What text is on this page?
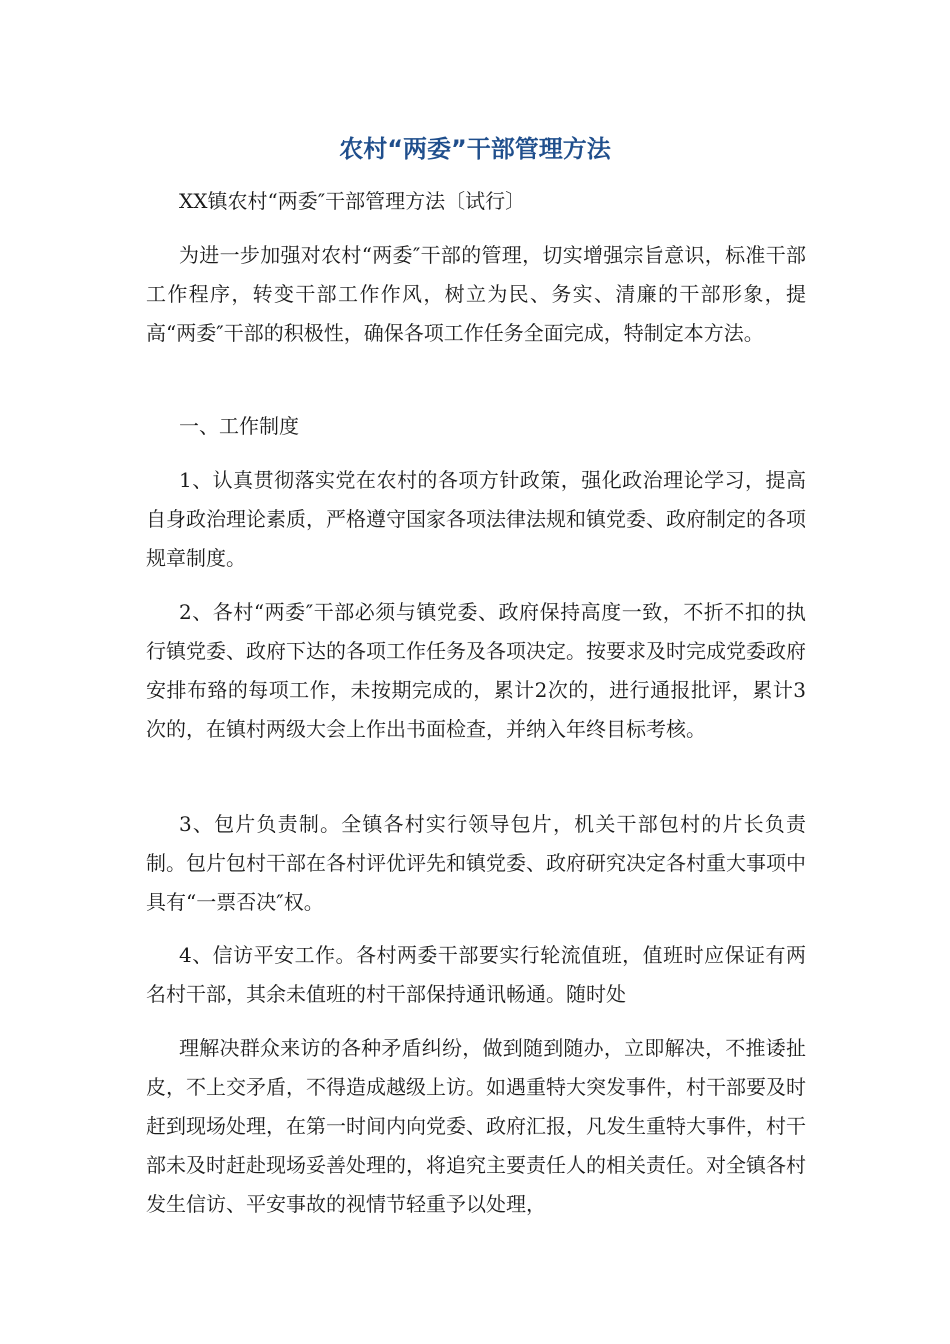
农村“两委”干部管理方法

XX镇农村“两委″干部管理方法〔试行〕

为进一步加强对农村“两委″干部的管理，切实增强宗旨意识，标准干部工作程序，转变干部工作作风，树立为民、务实、清廉的干部形象，提高“两委″干部的积极性，确保各项工作任务全面完成，特制定本方法。

一、工作制度

1、认真贯彻落实党在农村的各项方针政策，强化政治理论学习，提高自身政治理论素质，严格遵守国家各项法律法规和镇党委、政府制定的各项规章制度。

2、各村“两委″干部必须与镇党委、政府保持高度一致，不折不扣的执行镇党委、政府下达的各项工作任务及各项决定。按要求及时完成党委政府安排布臵的每项工作，未按期完成的，累计2次的，进行通报批评，累计3次的，在镇村两级大会上作出书面检查，并纳入年终目标考核。

3、包片负责制。全镇各村实行领导包片，机关干部包村的片长负责制。包片包村干部在各村评优评先和镇党委、政府研究决定各村重大事项中具有“一票否决″权。

4、信访平安工作。各村两委干部要实行轮流值班，值班时应保证有两名村干部，其余未值班的村干部保持通讯畅通。随时处

理解决群众来访的各种矛盾纠纷，做到随到随办，立即解决，不推诿扯皮，不上交矛盾，不得造成越级上访。如遇重特大突发事件，村干部要及时赶到现场处理，在第一时间内向党委、政府汇报，凡发生重特大事件，村干部未及时赶赴现场妥善处理的，将追究主要责任人的相关责任。对全镇各村发生信访、平安事故的视情节轻重予以处理，
